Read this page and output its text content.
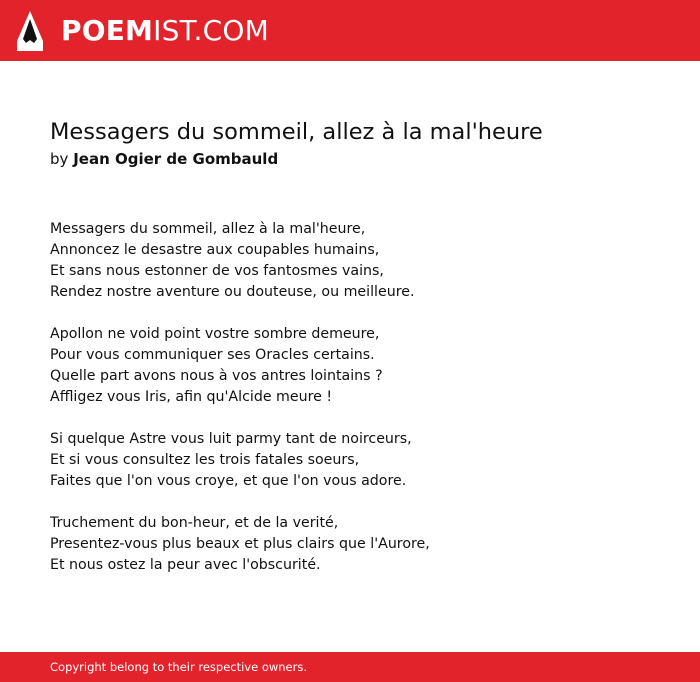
POEMIST.COM
Messagers du sommeil, allez à la mal'heure
by Jean Ogier de Gombauld
Messagers du sommeil, allez à la mal'heure,
Annoncez le desastre aux coupables humains,
Et sans nous estonner de vos fantosmes vains,
Rendez nostre aventure ou douteuse, ou meilleure.
Apollon ne void point vostre sombre demeure,
Pour vous communiquer ses Oracles certains.
Quelle part avons nous à vos antres lointains ?
Affligez vous Iris, afin qu'Alcide meure !
Si quelque Astre vous luit parmy tant de noirceurs,
Et si vous consultez les trois fatales soeurs,
Faites que l'on vous croye, et que l'on vous adore.
Truchement du bon-heur, et de la verité,
Presentez-vous plus beaux et plus clairs que l'Aurore,
Et nous ostez la peur avec l'obscurité.
Copyright belong to their respective owners.
